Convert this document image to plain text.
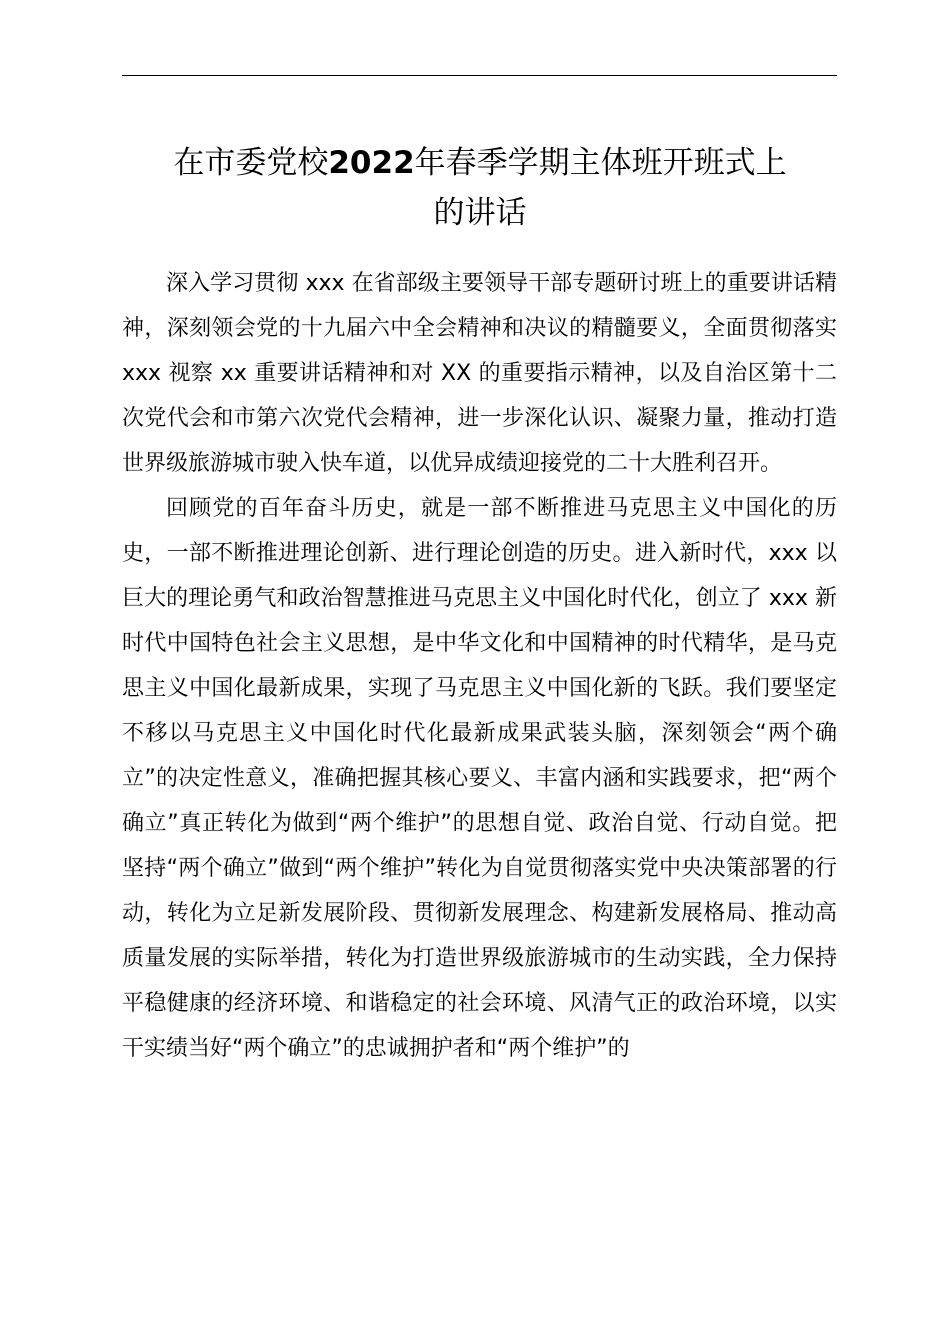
在市委党校2022年春季学期主体班开班式上
的讲话

深入学习贯彻 xxx 在省部级主要领导干部专题研讨班上的重要讲话精神，深刻领会党的十九届六中全会精神和决议的精髓要义，全面贯彻落实 xxx 视察 xx 重要讲话精神和对 XX 的重要指示精神，以及自治区第十二次党代会和市第六次党代会精神，进一步深化认识、凝聚力量，推动打造世界级旅游城市驶入快车道，以优异成绩迎接党的二十大胜利召开。

回顾党的百年奋斗历史，就是一部不断推进马克思主义中国化的历史，一部不断推进理论创新、进行理论创造的历史。进入新时代，xxx 以巨大的理论勇气和政治智慧推进马克思主义中国化时代化，创立了 xxx 新时代中国特色社会主义思想，是中华文化和中国精神的时代精华，是马克思主义中国化最新成果，实现了马克思主义中国化新的飞跃。我们要坚定不移以马克思主义中国化时代化最新成果武装头脑，深刻领会“两个确立”的决定性意义，准确把握其核心要义、丰富内涵和实践要求，把“两个确立”真正转化为做到“两个维护”的思想自觉、政治自觉、行动自觉。把坚持“两个确立”做到“两个维护”转化为自觉贯彻落实党中央决策部署的行动，转化为立足新发展阶段、贯彻新发展理念、构建新发展格局、推动高质量发展的实际举措，转化为打造世界级旅游城市的生动实践，全力保持平稳健康的经济环境、和谐稳定的社会环境、风清气正的政治环境，以实干实绩当好“两个确立”的忠诚拥护者和“两个维护”的
